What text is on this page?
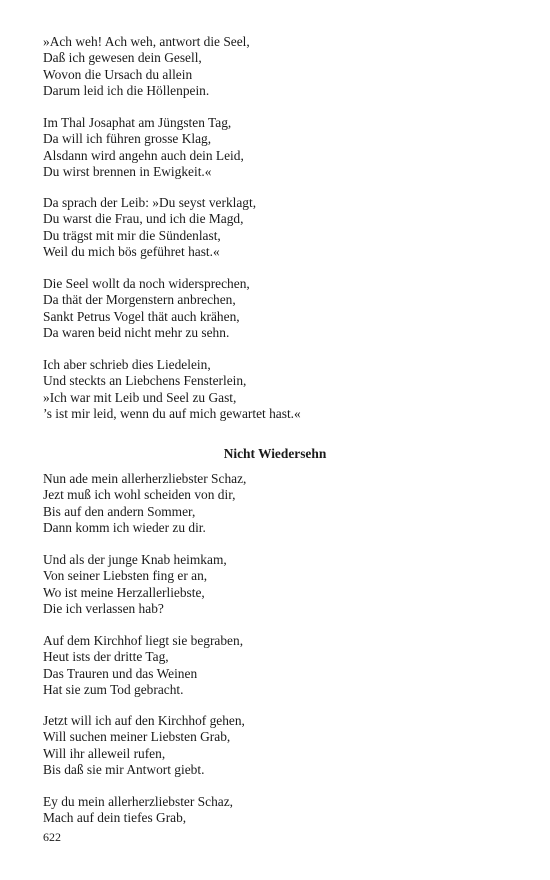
»Ach weh! Ach weh, antwort die Seel,
Daß ich gewesen dein Gesell,
Wovon die Ursach du allein
Darum leid ich die Höllenpein.
Im Thal Josaphat am Jüngsten Tag,
Da will ich führen grosse Klag,
Alsdann wird angehn auch dein Leid,
Du wirst brennen in Ewigkeit.«
Da sprach der Leib: »Du seyst verklagt,
Du warst die Frau, und ich die Magd,
Du trägst mit mir die Sündenlast,
Weil du mich bös geführet hast.«
Die Seel wollt da noch widersprechen,
Da thät der Morgenstern anbrechen,
Sankt Petrus Vogel thät auch krähen,
Da waren beid nicht mehr zu sehn.
Ich aber schrieb dies Liedelein,
Und steckts an Liebchens Fensterlein,
»Ich war mit Leib und Seel zu Gast,
’s ist mir leid, wenn du auf mich gewartet hast.«
Nicht Wiedersehn
Nun ade mein allerherzliebster Schaz,
Jezt muß ich wohl scheiden von dir,
Bis auf den andern Sommer,
Dann komm ich wieder zu dir.
Und als der junge Knab heimkam,
Von seiner Liebsten fing er an,
Wo ist meine Herzallerliebste,
Die ich verlassen hab?
Auf dem Kirchhof liegt sie begraben,
Heut ists der dritte Tag,
Das Trauren und das Weinen
Hat sie zum Tod gebracht.
Jetzt will ich auf den Kirchhof gehen,
Will suchen meiner Liebsten Grab,
Will ihr alleweil rufen,
Bis daß sie mir Antwort giebt.
Ey du mein allerherzliebster Schaz,
Mach auf dein tiefes Grab,
622
